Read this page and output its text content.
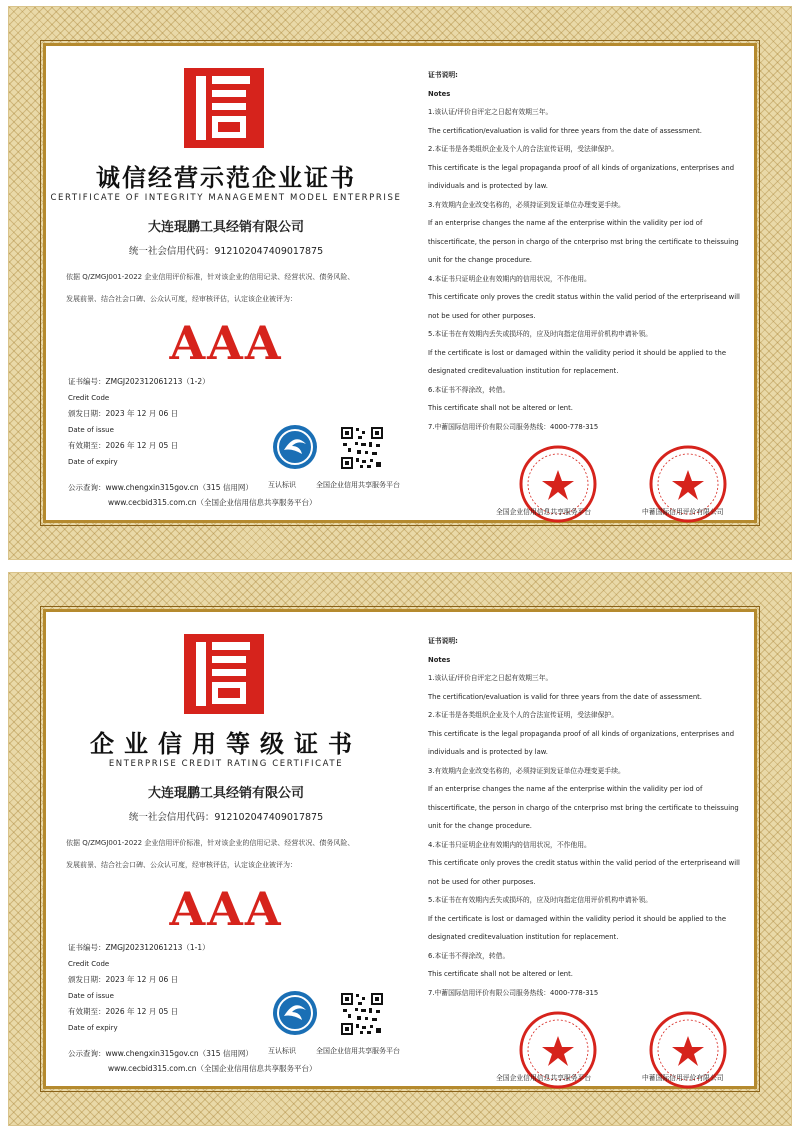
诚信经营示范企业证书
CERTIFICATE OF INTEGRITY MANAGEMENT MODEL ENTERPRISE
大连琨鹏工具经销有限公司
统一社会信用代码：912102047409017875
依据 Q/ZMGJ001-2022 企业信用评价标准，针对该企业的信用记录、经营状况、债务风险、
发展前景、结合社会口碑、公众认可度，经审核评估，认定该企业被评为：
AAA
证书编号：ZMGJ202312061213（1-2）
Credit Code
颁发日期：2023 年 12 月 06 日
Date of issue
有效期至：2026 年 12 月 05 日
Date of expiry
互认标识	全国企业信用共享服务平台
公示查询：www.chengxin315gov.cn（315 信用网）
www.cecbid315.com.cn（全国企业信用信息共享服务平台）
证书说明:
Notes
1.该认证/评价自评定之日起有效期三年。
The certification/evaluation is valid for three years from the date of assessment.
2.本证书是各类组织企业及个人的合法宣传证明，受法律保护。
This certificate is the legal propaganda proof of all kinds of organizations, enterprises and
individuals and is protected by law.
3.有效期内企业改变名称的，必须持证到发证单位办理变更手续。
If an enterprise changes the name af the enterprise within the validity per iod of
thiscertificate, the person in chargo of the cnterpriso mst bring the certificate to theissuing
unit for the change procedure.
4.本证书只证明企业有效期内的信用状况，不作他用。
This certificate only proves the credit status within the valid period of the erterpriseand will
not be used for other purposes.
5.本证书在有效期内丢失或损坏的，应及时向指定信用评价机构申请补领。
If the certificate is lost or damaged within the validity period it should be applied to the
designated creditevaluation institution for replacement.
6.本证书不得涂改，转借。
This certificate shall not be altered or lent.
7.中蓄国际信用评价有限公司服务热线：4000-778-315
全国企业信用信息共享服务平台	中蓄国际信用评价有限公司
企业信用等级证书
ENTERPRISE CREDIT RATING CERTIFICATE
大连琨鹏工具经销有限公司
统一社会信用代码：912102047409017875
依据 Q/ZMGJ001-2022 企业信用评价标准，针对该企业的信用记录、经营状况、债务风险、
发展前景、结合社会口碑、公众认可度，经审核评估，认定该企业被评为：
AAA
证书编号：ZMGJ202312061213（1-1）
Credit Code
颁发日期：2023 年 12 月 06 日
Date of issue
有效期至：2026 年 12 月 05 日
Date of expiry
互认标识	全国企业信用共享服务平台
公示查询：www.chengxin315gov.cn（315 信用网）
www.cecbid315.com.cn（全国企业信用信息共享服务平台）
证书说明:
Notes
1.该认证/评价自评定之日起有效期三年。
The certification/evaluation is valid for three years from the date of assessment.
2.本证书是各类组织企业及个人的合法宣传证明，受法律保护。
This certificate is the legal propaganda proof of all kinds of organizations, enterprises and
individuals and is protected by law.
3.有效期内企业改变名称的，必须持证到发证单位办理变更手续。
If an enterprise changes the name af the enterprise within the validity per iod of
thiscertificate, the person in chargo of the cnterpriso mst bring the certificate to theissuing
unit for the change procedure.
4.本证书只证明企业有效期内的信用状况，不作他用。
This certificate only proves the credit status within the valid period of the erterpriseand will
not be used for other purposes.
5.本证书在有效期内丢失或损坏的，应及时向指定信用评价机构申请补领。
If the certificate is lost or damaged within the validity period it should be applied to the
designated creditevaluation institution for replacement.
6.本证书不得涂改，转借。
This certificate shall not be altered or lent.
7.中蓄国际信用评价有限公司服务热线：4000-778-315
全国企业信用信息共享服务平台	中蓄国际信用评价有限公司
